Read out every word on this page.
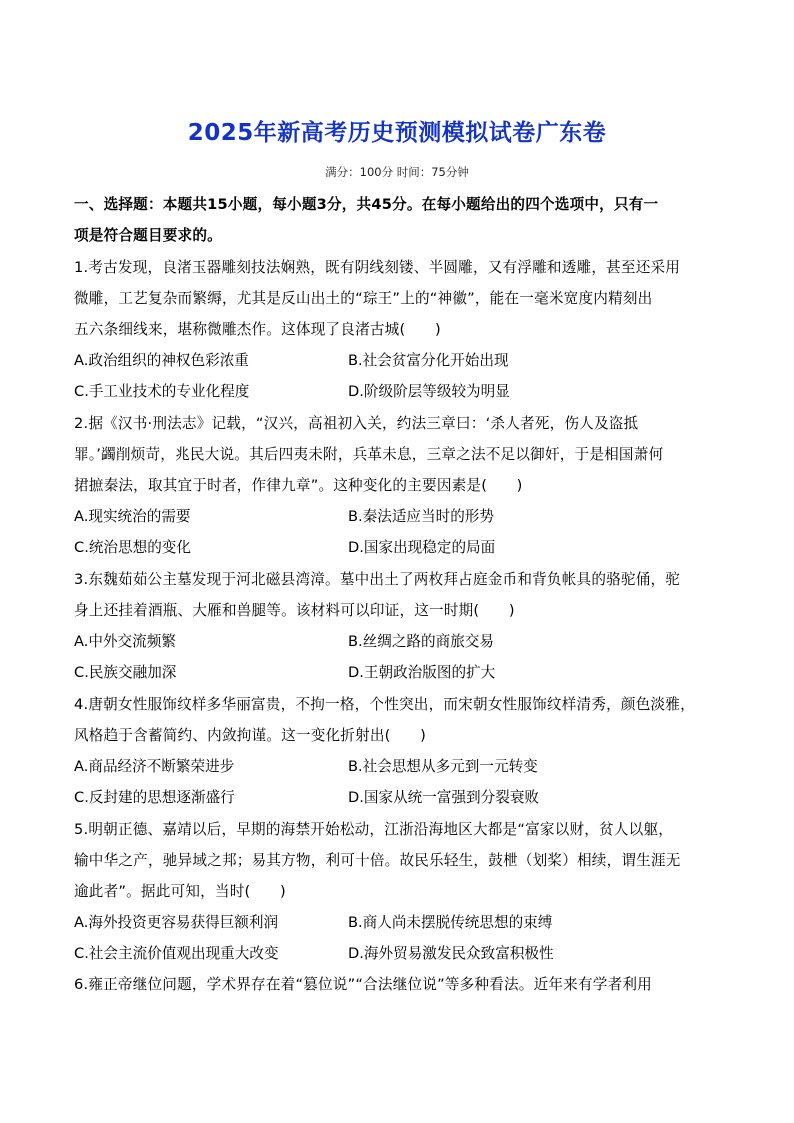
2025年新高考历史预测模拟试卷广东卷
满分：100分 时间：75分钟
一、选择题：本题共15小题，每小题3分，共45分。在每小题给出的四个选项中，只有一
项是符合题目要求的。
1.考古发现，良渚玉器雕刻技法娴熟，既有阴线刻镂、半圆雕，又有浮雕和透雕，甚至还采用
微雕，工艺复杂而繁缛，尤其是反山出土的“琮王”上的“神徽”，能在一毫米宽度内精刻出
五六条细线来，堪称微雕杰作。这体现了良渚古城(　　)
A.政治组织的神权色彩浓重	B.社会贫富分化开始出现
C.手工业技术的专业化程度	D.阶级阶层等级较为明显
2.据《汉书·刑法志》记载，“汉兴，高祖初入关，约法三章曰：‘杀人者死，伤人及盗抵
罪。’蠲削烦苛，兆民大说。其后四夷未附，兵革未息，三章之法不足以御奸，于是相国萧何
捃摭秦法，取其宜于时者，作律九章”。这种变化的主要因素是(　　)
A.现实统治的需要	B.秦法适应当时的形势
C.统治思想的变化	D.国家出现稳定的局面
3.东魏茹茹公主墓发现于河北磁县湾漳。墓中出土了两枚拜占庭金币和背负帐具的骆驼俑，驼
身上还挂着酒瓶、大雁和兽腿等。该材料可以印证，这一时期(　　)
A.中外交流频繁	B.丝绸之路的商旅交易
C.民族交融加深	D.王朝政治版图的扩大
4.唐朝女性服饰纹样多华丽富贵，不拘一格，个性突出，而宋朝女性服饰纹样清秀，颜色淡雅，
风格趋于含蓄简约、内敛拘谨。这一变化折射出(　　)
A.商品经济不断繁荣进步	B.社会思想从多元到一元转变
C.反封建的思想逐渐盛行	D.国家从统一富强到分裂衰败
5.明朝正德、嘉靖以后，早期的海禁开始松动，江浙沿海地区大都是“富家以财，贫人以躯，
输中华之产，驰异域之邦；易其方物，利可十倍。故民乐轻生，鼓枻（划桨）相续，谓生涯无
逾此者”。据此可知，当时(　　)
A.海外投资更容易获得巨额利润	B.商人尚未摆脱传统思想的束缚
C.社会主流价值观出现重大改变	D.海外贸易激发民众致富积极性
6.雍正帝继位问题，学术界存在着“篡位说”“合法继位说”等多种看法。近年来有学者利用
